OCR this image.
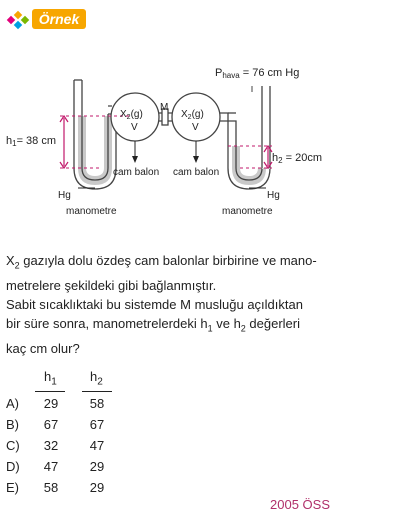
Örnek
Phava = 76 cm Hg
h1= 38 cm
h2 = 20cm
M
$X_2(g)$
V
$X_2(g)$
V
cam balon cam balon
Hg	Hg
manometre	manometre
$X_2$ gazıyla dolu özdeş cam balonlar birbirine ve mano-
metrelere şekildeki gibi bağlanmıştır.
Sabit sıcaklıktaki bu sistemde M musluğu açıldıktan
bir süre sonra, manometrelerdeki $h_1$ ve $h_2$ değerleri
kaç cm olur?
$h_1$	$h_2$
A)	29	58
B)	67	67
C)	32	47
D)	47	29
E)	58	29
2005 ÖSS
